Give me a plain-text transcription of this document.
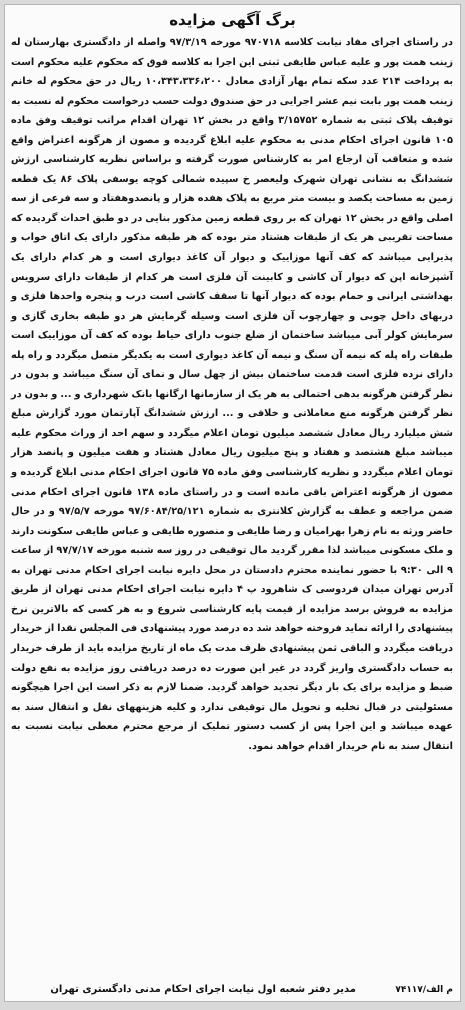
برگ آگهی مزایده
در راستای اجرای مفاد نیابت کلاسه ۹۷۰۷۱۸ مورخه ۹۷/۳/۱۹ واصله از دادگستری بهارستان له زینب همت پور و علیه عباس طایفی ثبتی این اجرا به کلاسه فوق که محکوم علیه محکوم است به پرداخت ۲۱۴ عدد سکه تمام بهار آزادی معادل ۱۰،۳۴۳،۳۳۶،۲۰۰ ریال در حق محکوم له خانم زینب همت پور بابت نیم عشر اجرایی در حق صندوق دولت حسب درخواست محکوم له نسبت به توقیف پلاک ثبتی به شماره ۳/۱۵۷۵۲ واقع در بخش ۱۲ تهران اقدام مراتب توقیف وفق ماده ۱۰۵ قانون اجرای احکام مدنی به محکوم علیه ابلاغ گردیده و مصون از هرگونه اعتراض واقع شده و متعاقب آن ارجاع امر به کارشناس صورت گرفته و براساس نظریه کارشناسی ارزش ششدانگ به نشانی تهران شهرک ولیعصر خ سپیده شمالی کوچه یوسفی پلاک ۸۶ یک قطعه زمین به مساحت یکصد و بیست متر مربع به پلاک هفده هزار و پانصدوهفتاد و سه فرعی از سه اصلی واقع در بخش ۱۲ تهران که بر روی قطعه زمین مذکور بنایی در دو طبق احداث گردیده که مساحت تقریبی هر یک از طبقات هشتاد متر بوده که هر طبقه مذکور دارای یک اتاق خواب و پذیرایی میباشد که کف آنها موزاییک و دیوار آن کاغذ دیواری است و هر کدام دارای یک آشپزخانه اپن که دیوار آن کاشی و کابینت آن فلزی است هر کدام از طبقات دارای سرویس بهداشتی ایرانی و حمام بوده که دیوار آنها تا سقف کاشی است درب و پنجره واحدها فلزی و دربهای داخل چوبی و چهارچوب آن فلزی است وسیله گرمایش هر دو طبقه بخاری گازی و سرمایش کولر آبی میباشد ساختمان از ضلع جنوب دارای حیاط بوده که کف آن موزاییک است طبقات راه پله که نیمه آن سنگ و نیمه آن کاغذ دیواری است به یکدیگر متصل میگردد و راه پله دارای نرده فلزی است قدمت ساختمان بیش از چهل سال و نمای آن سنگ میباشد و بدون در نظر گرفتن هرگونه بدهی احتمالی به هر یک از سازمانها ارگانها بانک شهرداری و ... و بدون در نظر گرفتن هرگونه منع معاملاتی و خلافی و ... ارزش ششدانگ آپارتمان مورد گزارش مبلغ شش میلیارد ریال معادل ششصد میلیون تومان اعلام میگردد و سهم احد از وراث محکوم علیه میباشد مبلغ هشتصد و هفتاد و پنج میلیون ریال معادل هشتاد و هفت میلیون و پانصد هزار تومان اعلام میگردد و نظریه کارشناسی وفق ماده ۷۵ قانون اجرای احکام مدنی ابلاغ گردیده و مصون از هرگونه اعتراض باقی مانده است و در راستای ماده ۱۳۸ قانون اجرای احکام مدنی ضمن مراجعه و عطف به گزارش کلانتری به شماره ۹۷/۶۰۸۴/۲۵/۱۲۱ مورخه ۹۷/۵/۷ و در حال حاضر ورثه به نام زهرا بهرامیان و رضا طایفی و منصوره طایفی و عباس طایفی سکونت دارند و ملک مسکونی میباشد لذا مقرر گردید مال توقیفی در روز سه شنبه مورخه ۹۷/۷/۱۷ از ساعت ۹ الی ۹:۳۰ با حضور نماینده محترم دادستان در محل دایره نیابت اجرای احکام مدنی تهران به آدرس تهران میدان فردوسی ک شاهرود پ ۴ دایره نیابت اجرای احکام مدنی تهران از طریق مزایده به فروش برسد مزایده از قیمت پایه کارشناسی شروع و به هر کسی که بالاترین نرخ پیشنهادی را ارائه نماید فروخته خواهد شد ده درصد مورد پیشنهادی فی المجلس نقدا از خریدار دریافت میگردد و الباقی ثمن پیشنهادی ظرف مدت یک ماه از تاریخ مزایده باید از طرف خریدار به حساب دادگستری واریز گردد در غیر این صورت ده درصد دریافتی روز مزایده به نفع دولت ضبط و مزایده برای یک بار دیگر تجدید خواهد گردید. ضمنا لازم به ذکر است این اجرا هیچگونه مسئولیتی در قبال تخلیه و تحویل مال توقیفی ندارد و کلیه هزینههای نقل و انتقال سند به عهده میباشد و این اجرا پس از کسب دستور تملیک از مرجع محترم معطی نیابت نسبت به انتقال سند به نام خریدار اقدام خواهد نمود.
مدیر دفتر شعبه اول نیابت اجرای احکام مدنی دادگستری تهران	م الف/۷۴۱۱۷
